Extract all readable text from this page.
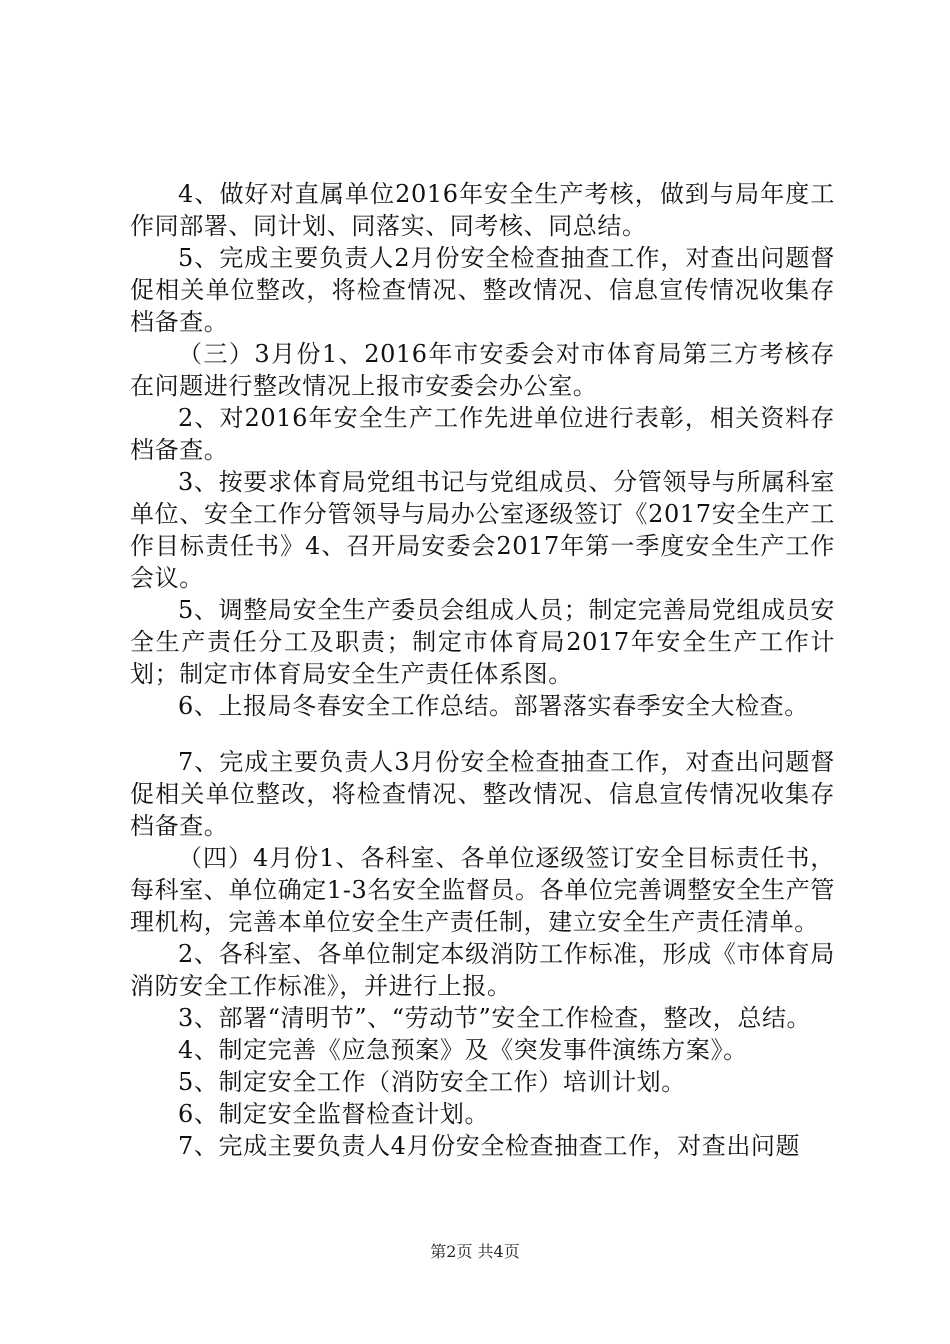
4、做好对直属单位2016年安全生产考核，做到与局年度工作同部署、同计划、同落实、同考核、同总结。

5、完成主要负责人2月份安全检查抽查工作，对查出问题督促相关单位整改，将检查情况、整改情况、信息宣传情况收集存档备查。

（三）3月份1、2016年市安委会对市体育局第三方考核存在问题进行整改情况上报市安委会办公室。

2、对2016年安全生产工作先进单位进行表彰，相关资料存档备查。

3、按要求体育局党组书记与党组成员、分管领导与所属科室单位、安全工作分管领导与局办公室逐级签订《2017安全生产工作目标责任书》4、召开局安委会2017年第一季度安全生产工作会议。

5、调整局安全生产委员会组成人员；制定完善局党组成员安全生产责任分工及职责；制定市体育局2017年安全生产工作计划；制定市体育局安全生产责任体系图。

6、上报局冬春安全工作总结。部署落实春季安全大检查。

7、完成主要负责人3月份安全检查抽查工作，对查出问题督促相关单位整改，将检查情况、整改情况、信息宣传情况收集存档备查。

（四）4月份1、各科室、各单位逐级签订安全目标责任书，每科室、单位确定1-3名安全监督员。各单位完善调整安全生产管理机构，完善本单位安全生产责任制，建立安全生产责任清单。

2、各科室、各单位制定本级消防工作标准，形成《市体育局消防安全工作标准》，并进行上报。

3、部署“清明节”、“劳动节”安全工作检查，整改，总结。

4、制定完善《应急预案》及《突发事件演练方案》。

5、制定安全工作（消防安全工作）培训计划。

6、制定安全监督检查计划。

7、完成主要负责人4月份安全检查抽查工作，对查出问题

第2页 共4页
